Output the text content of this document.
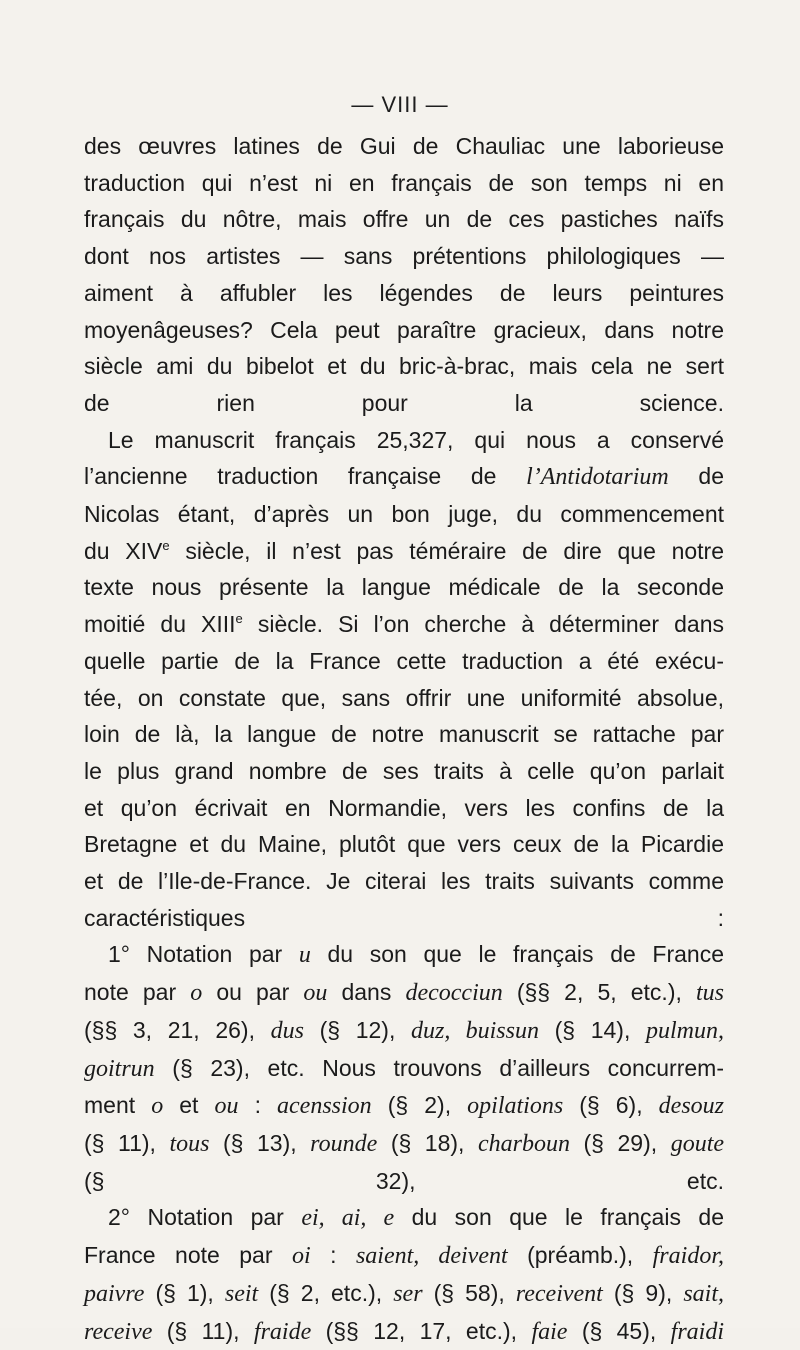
— VIII —

des œuvres latines de Gui de Chauliac une laborieuse
traduction qui n’est ni en français de son temps ni en
français du nôtre, mais offre un de ces pastiches naïfs
dont nos artistes — sans prétentions philologiques —
aiment à affubler les légendes de leurs peintures
moyenâgeuses? Cela peut paraître gracieux, dans notre
siècle ami du bibelot et du bric-à-brac, mais cela ne sert
de rien pour la science.

Le manuscrit français 25,327, qui nous a conservé
l’ancienne traduction française de l’Antidotarium de
Nicolas étant, d’après un bon juge, du commencement
du XIVe siècle, il n’est pas téméraire de dire que notre
texte nous présente la langue médicale de la seconde
moitié du XIIIe siècle. Si l’on cherche à déterminer dans
quelle partie de la France cette traduction a été exécu-
tée, on constate que, sans offrir une uniformité absolue,
loin de là, la langue de notre manuscrit se rattache par
le plus grand nombre de ses traits à celle qu’on parlait
et qu’on écrivait en Normandie, vers les confins de la
Bretagne et du Maine, plutôt que vers ceux de la Picardie
et de l’Ile-de-France. Je citerai les traits suivants comme
caractéristiques :

1° Notation par u du son que le français de France
note par o ou par ou dans decocciun (§§ 2, 5, etc.), tus
(§§ 3, 21, 26), dus (§ 12), duz, buissun (§ 14), pulmun,
goitrun (§ 23), etc. Nous trouvons d’ailleurs concurrem-
ment o et ou : acenssion (§ 2), opilations (§ 6), desouz
(§ 11), tous (§ 13), rounde (§ 18), charboun (§ 29), goute
(§ 32), etc.

2° Notation par ei, ai, e du son que le français de
France note par oi : saient, deivent (préamb.), fraidor,
paivre (§ 1), seit (§ 2, etc.), ser (§ 58), receivent (§ 9), sait,
receive (§ 11), fraide (§§ 12, 17, etc.), faie (§ 45), fraidi
